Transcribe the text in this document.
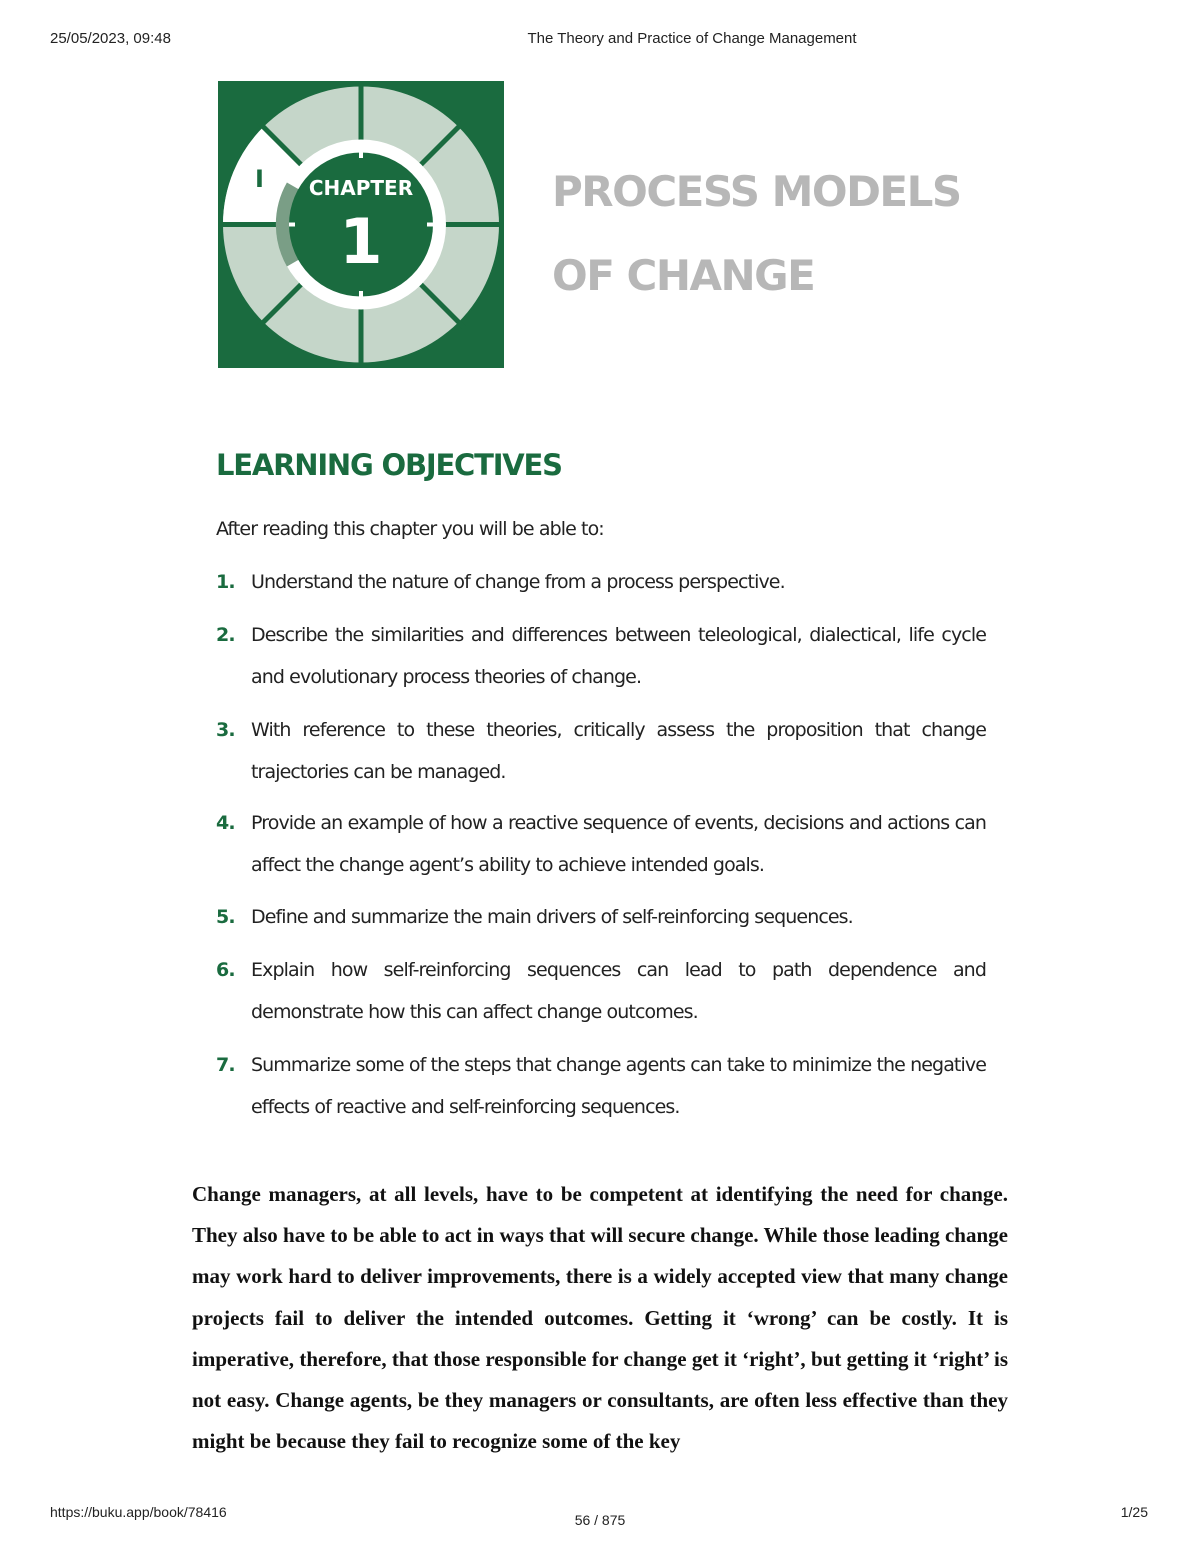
25/05/2023, 09:48	The Theory and Practice of Change Management
I CHAPTER
1
PROCESS MODELS
OF CHANGE
LEARNING OBJECTIVES
After reading this chapter you will be able to:
1. Understand the nature of change from a process perspective.
2. Describe the similarities and differences between teleological, dialectical, life cycle and evolutionary process theories of change.
3. With reference to these theories, critically assess the proposition that change trajectories can be managed.
4. Provide an example of how a reactive sequence of events, decisions and actions can affect the change agent’s ability to achieve intended goals.
5. Define and summarize the main drivers of self-reinforcing sequences.
6. Explain how self-reinforcing sequences can lead to path dependence and demonstrate how this can affect change outcomes.
7. Summarize some of the steps that change agents can take to minimize the negative effects of reactive and self-reinforcing sequences.
Change managers, at all levels, have to be competent at identifying the need for change. They also have to be able to act in ways that will secure change. While those leading change may work hard to deliver improvements, there is a widely accepted view that many change projects fail to deliver the intended outcomes. Getting it ‘wrong’ can be costly. It is imperative, therefore, that those responsible for change get it ‘right’, but getting it ‘right’ is not easy. Change agents, be they managers or consultants, are often less effective than they might be because they fail to recognize some of the key
https://buku.app/book/78416	56 / 875	1/25
